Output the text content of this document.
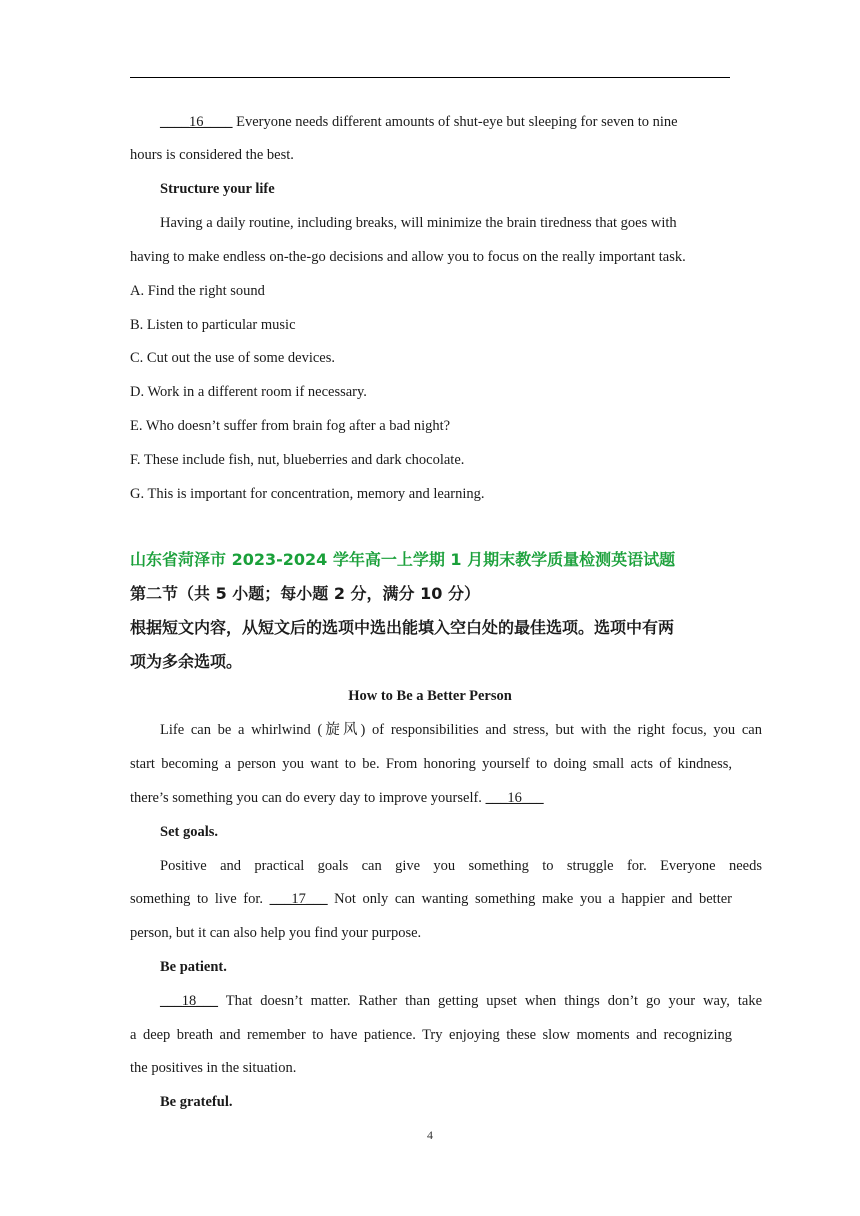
____16____ Everyone needs different amounts of shut-eye but sleeping for seven to nine
hours is considered the best.
Structure your life
Having a daily routine, including breaks, will minimize the brain tiredness that goes with
having to make endless on-the-go decisions and allow you to focus on the really important task.
A. Find the right sound
B. Listen to particular music
C. Cut out the use of some devices.
D. Work in a different room if necessary.
E. Who doesn’t suffer from brain fog after a bad night?
F. These include fish, nut, blueberries and dark chocolate.
G. This is important for concentration, memory and learning.
山东省菏泽市 2023-2024 学年高一上学期 1 月期末教学质量检测英语试题
第二节（共 5 小题；每小题 2 分，满分 10 分）
根据短文内容，从短文后的选项中选出能填入空白处的最佳选项。选项中有两
项为多余选项。
How to Be a Better Person
Life can be a whirlwind (旋风) of responsibilities and stress, but with the right focus, you can
start becoming a person you want to be. From honoring yourself to doing small acts of kindness,
there’s something you can do every day to improve yourself. ___16___
Set goals.
Positive and practical goals can give you something to struggle for. Everyone needs
something to live for. ___17___ Not only can wanting something make you a happier and better
person, but it can also help you find your purpose.
Be patient.
___18___ That doesn’t matter. Rather than getting upset when things don’t go your way, take
a deep breath and remember to have patience. Try enjoying these slow moments and recognizing
the positives in the situation.
Be grateful.
4
